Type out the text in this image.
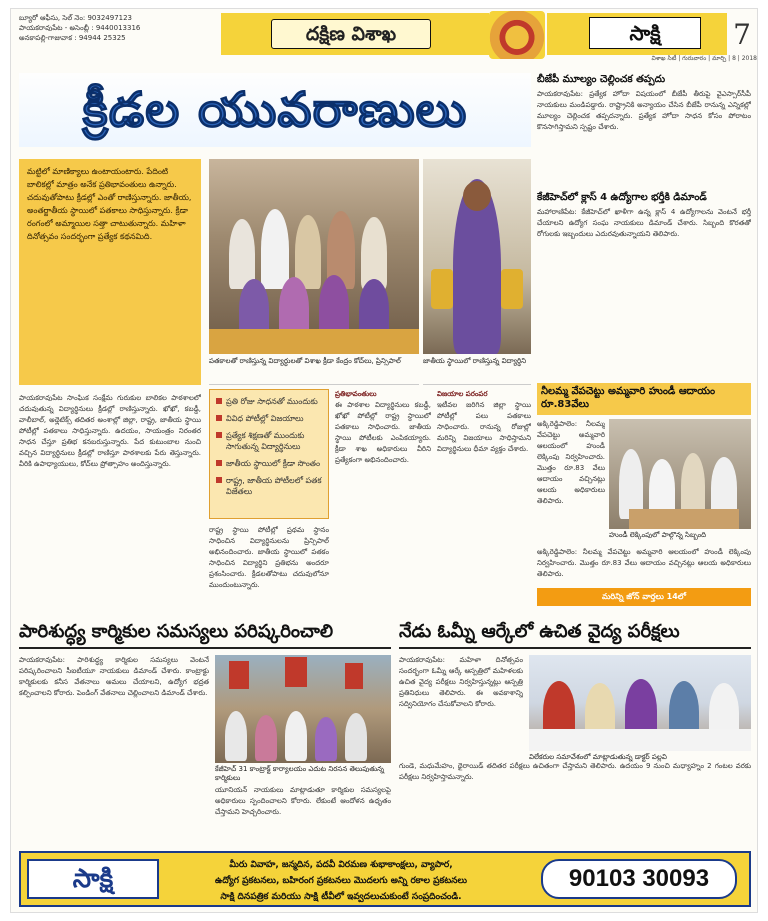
బ్యూరో ఆఫీసు, సెల్ నెం: 9032497123
పాయకరావుపేట - అసెంబ్లీ : 9440013316
అనకాపల్లి-గాజువాక : 94944 25325	దక్షిణ విశాఖ	సాక్షి	7
విశాఖ సిటీ | గురువారం | మార్చి | 8 | 2018
క్రీడల యువరాణులు
మట్టిలో మాణిక్యాలు ఉంటాయంటారు. పేదింటి బాలికల్లో మాత్రం అనేక ప్రతిభావంతులు ఉన్నారు. చదువుతోపాటు క్రీడల్లో ఎంతో రాణిస్తున్నారు. జాతీయ, అంతర్జాతీయ స్థాయిలో పతకాలు సాధిస్తున్నారు. క్రీడా రంగంలో అమ్మాయిల సత్తా చాటుతున్నారు. మహిళా దినోత్సవం సందర్భంగా ప్రత్యేక కథనమిది.
పతకాలతో రాణిస్తున్న విద్యార్థులతో విశాఖ క్రీడా కేంద్రం కోచ్‌లు, ప్రిన్సిపాల్	జాతీయ స్థాయిలో రాణిస్తున్న విద్యార్థిని
ప్రతి రోజు సాధనతో ముందుకు
వివిధ పోటీల్లో విజయాలు
ప్రత్యేక శిక్షణతో ముందుకు సాగుతున్న విద్యార్థినులు
జాతీయ స్థాయిలో క్రీడా సొంతం
రాష్ట్ర, జాతీయ పోటీలలో పతక విజేతలు
పాయకరావుపేట సాంఘిక సంక్షేమ గురుకుల బాలికల పాఠశాలలో చదువుతున్న విద్యార్థినులు క్రీడల్లో రాణిస్తున్నారు. ఖోఖో, కబడ్డీ, వాలీబాల్, అథ్లెటిక్స్ తదితర అంశాల్లో జిల్లా, రాష్ట్ర, జాతీయ స్థాయి పోటీల్లో పతకాలు సాధిస్తున్నారు. ఉదయం, సాయంత్రం నిరంతర సాధన చేస్తూ ప్రతిభ కనబరుస్తున్నారు. పేద కుటుంబాల నుంచి వచ్చిన విద్యార్థినులు క్రీడల్లో రాణిస్తూ పాఠశాలకు పేరు తెస్తున్నారు. వీరికి ఉపాధ్యాయులు, కోచ్‌లు ప్రోత్సాహం అందిస్తున్నారు.
రాష్ట్ర స్థాయి పోటీల్లో ప్రథమ స్థానం సాధించిన విద్యార్థినులను ప్రిన్సిపాల్ అభినందించారు. జాతీయ స్థాయిలో పతకం సాధించిన విద్యార్థిని ప్రతిభను అందరూ ప్రశంసించారు. క్రీడలతోపాటు చదువులోనూ ముందుంటున్నారు.
ప్రతిభావంతులు
ఈ పాఠశాల విద్యార్థినులు కబడ్డీ, ఖోఖో పోటీల్లో రాష్ట్ర స్థాయిలో పతకాలు సాధించారు. జాతీయ స్థాయి పోటీలకు ఎంపికయ్యారు. క్రీడా శాఖ అధికారులు వీరిని ప్రత్యేకంగా అభినందించారు.
విజయాల పరంపర
ఇటీవల జరిగిన జిల్లా స్థాయి పోటీల్లో పలు పతకాలు సాధించారు. రానున్న రోజుల్లో మరిన్ని విజయాలు సాధిస్తామని విద్యార్థినులు ధీమా వ్యక్తం చేశారు.
బీజేపీ మూల్యం చెల్లించక తప్పదు
పాయకరావుపేట: ప్రత్యేక హోదా విషయంలో బీజేపీ తీరుపై వైఎస్సార్‌సీపీ నాయకులు మండిపడ్డారు. రాష్ట్రానికి అన్యాయం చేసిన బీజేపీ రానున్న ఎన్నికల్లో మూల్యం చెల్లించక తప్పదన్నారు. ప్రత్యేక హోదా సాధన కోసం పోరాటం కొనసాగిస్తామని స్పష్టం చేశారు.
కేజీహెచ్‌లో క్లాస్ 4 ఉద్యోగాల భర్తీకి డిమాండ్
మహారాణిపేట: కేజీహెచ్‌లో ఖాళీగా ఉన్న క్లాస్ 4 ఉద్యోగాలను వెంటనే భర్తీ చేయాలని ఉద్యోగ సంఘ నాయకులు డిమాండ్ చేశారు. సిబ్బంది కొరతతో రోగులకు ఇబ్బందులు ఎదురవుతున్నాయని తెలిపారు.
నీలమ్మ వేపచెట్టు అమ్మవారి హుండీ ఆదాయం
రూ.83వేలు
అక్కిరెడ్డిపాలెం: నీలమ్మ వేపచెట్టు అమ్మవారి ఆలయంలో హుండీ లెక్కింపు నిర్వహించారు. మొత్తం రూ.83 వేలు ఆదాయం వచ్చినట్లు ఆలయ అధికారులు తెలిపారు.
హుండీ లెక్కింపులో పాల్గొన్న సిబ్బంది
అక్కిరెడ్డిపాలెం: నీలమ్మ వేపచెట్టు అమ్మవారి ఆలయంలో హుండీ లెక్కింపు నిర్వహించారు. మొత్తం రూ.83 వేలు ఆదాయం వచ్చినట్లు ఆలయ అధికారులు తెలిపారు.
మరిన్ని జోన్ వార్తలు 14లో
పారిశుద్ధ్య కార్మికుల సమస్యలు పరిష్కరించాలి
పాయకరావుపేట: పారిశుద్ధ్య కార్మికుల సమస్యలు వెంటనే పరిష్కరించాలని సీఐటీయూ నాయకులు డిమాండ్ చేశారు. కాంట్రాక్టు కార్మికులకు కనీస వేతనాలు అమలు చేయాలని, ఉద్యోగ భద్రత కల్పించాలని కోరారు. పెండింగ్ వేతనాలు చెల్లించాలని డిమాండ్ చేశారు.
కేజీహెచ్ 31 కాంట్రాక్ట్ కార్యాలయం ఎదుట నిరసన తెలుపుతున్న కార్మికులు
యూనియన్ నాయకులు మాట్లాడుతూ కార్మికుల సమస్యలపై అధికారులు స్పందించాలని కోరారు. లేకుంటే ఆందోళన ఉధృతం చేస్తామని హెచ్చరించారు.
నేడు ఓమ్నీ ఆర్కేలో ఉచిత వైద్య పరీక్షలు
పాయకరావుపేట: మహిళా దినోత్సవం సందర్భంగా ఓమ్నీ ఆర్కే ఆస్పత్రిలో మహిళలకు ఉచిత వైద్య పరీక్షలు నిర్వహిస్తున్నట్లు ఆస్పత్రి ప్రతినిధులు తెలిపారు. ఈ అవకాశాన్ని సద్వినియోగం చేసుకోవాలని కోరారు.
విలేకరుల సమావేశంలో మాట్లాడుతున్న డాక్టర్ పల్లవి
గుండె, మధుమేహం, థైరాయిడ్ తదితర పరీక్షలు ఉచితంగా చేస్తామని తెలిపారు. ఉదయం 9 నుంచి మధ్యాహ్నం 2 గంటల వరకు పరీక్షలు నిర్వహిస్తామన్నారు.
సాక్షి	మీరు వివాహ, జన్మదిన, పదవీ విరమణ శుభాకాంక్షలు, వ్యాపార,
ఉద్యోగ ప్రకటనలు, బహిరంగ ప్రకటనలు మొదలగు అన్ని రకాల ప్రకటనలు
సాక్షి దినపత్రిక మరియు సాక్షి టీవీలో ఇవ్వదలుచుకుంటే సంప్రదించండి.
90103 30093
